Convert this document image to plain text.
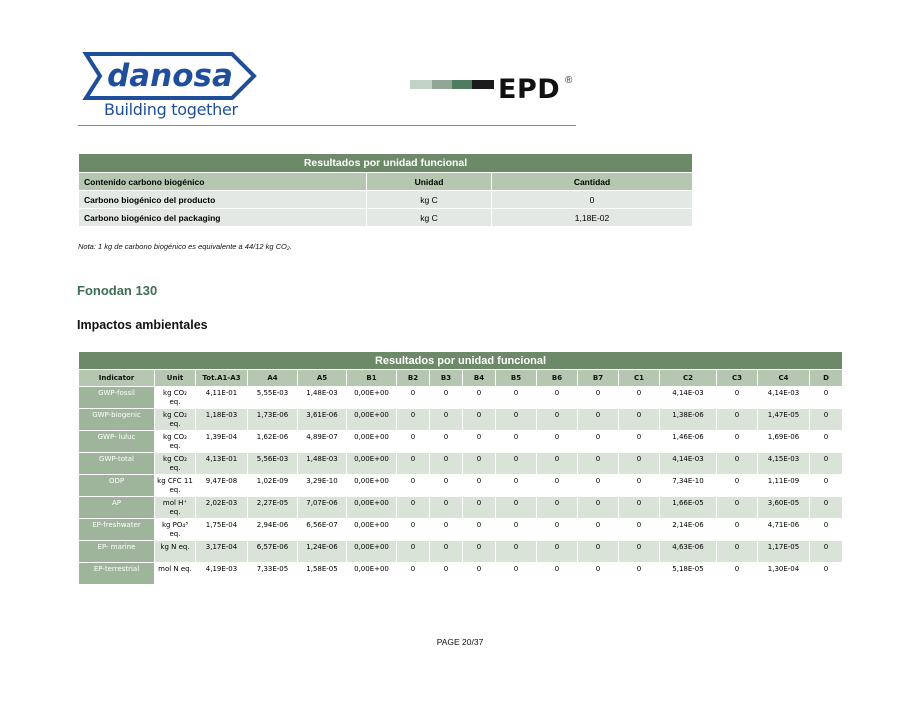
danosa
Building together
EPD ®
Resultados por unidad funcional		
Contenido carbono biogénico	Unidad	Cantidad
Carbono biogénico del producto	kg C	0
Carbono biogénico del packaging	kg C	1,18E-02
Nota: 1 kg de carbono biogénico es equivalente a 44/12 kg CO₂.
Fonodan 130
Impactos ambientales
Resultados por unidad funcional																
Indicator	Unit	Tot.A1-A3	A4	A5	B1	B2	B3	B4	B5	B6	B7	C1	C2	C3	C4	D
GWP-fossil	kg CO₂ eq.	4,11E-01	5,55E-03	1,48E-03	0,00E+00	0	0	0	0	0	0	0	4,14E-03	0	4,14E-03	0
GWP-biogenic	kg CO₂ eq.	1,18E-03	1,73E-06	3,61E-06	0,00E+00	0	0	0	0	0	0	0	1,38E-06	0	1,47E-05	0
GWP- luluc	kg CO₂ eq.	1,39E-04	1,62E-06	4,89E-07	0,00E+00	0	0	0	0	0	0	0	1,46E-06	0	1,69E-06	0
GWP-total	kg CO₂ eq.	4,13E-01	5,56E-03	1,48E-03	0,00E+00	0	0	0	0	0	0	0	4,14E-03	0	4,15E-03	0
ODP	kg CFC 11 eq.	9,47E-08	1,02E-09	3,29E-10	0,00E+00	0	0	0	0	0	0	0	7,34E-10	0	1,11E-09	0
AP	mol H⁺ eq.	2,02E-03	2,27E-05	7,07E-06	0,00E+00	0	0	0	0	0	0	0	1,66E-05	0	3,60E-05	0
EP-freshwater	kg PO₄³ eq.	1,75E-04	2,94E-06	6,56E-07	0,00E+00	0	0	0	0	0	0	0	2,14E-06	0	4,71E-06	0
EP- marine	kg N eq.	3,17E-04	6,57E-06	1,24E-06	0,00E+00	0	0	0	0	0	0	0	4,63E-06	0	1,17E-05	0
EP-terrestrial	mol N eq.	4,19E-03	7,33E-05	1,58E-05	0,00E+00	0	0	0	0	0	0	0	5,18E-05	0	1,30E-04	0
PAGE 20/37
